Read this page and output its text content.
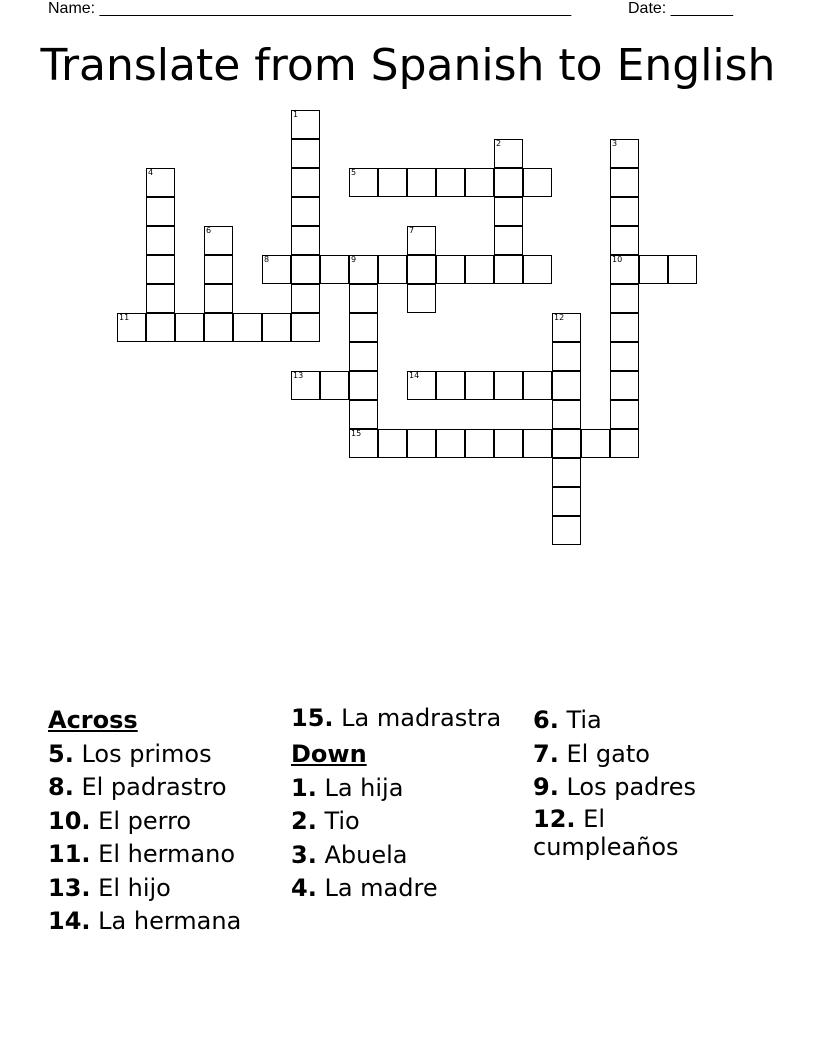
Name: _____________________________________________________	Date: _______
Translate from Spanish to English
1
2	3
4	5
6	7
8	9	10
11	12
13	14
15
Across
5. Los primos
8. El padrastro
10. El perro
11. El hermano
13. El hijo
14. La hermana
15. La madrastra
Down
1. La hija
2. Tio
3. Abuela
4. La madre
6. Tia
7. El gato
9. Los padres
12. El cumpleaños
